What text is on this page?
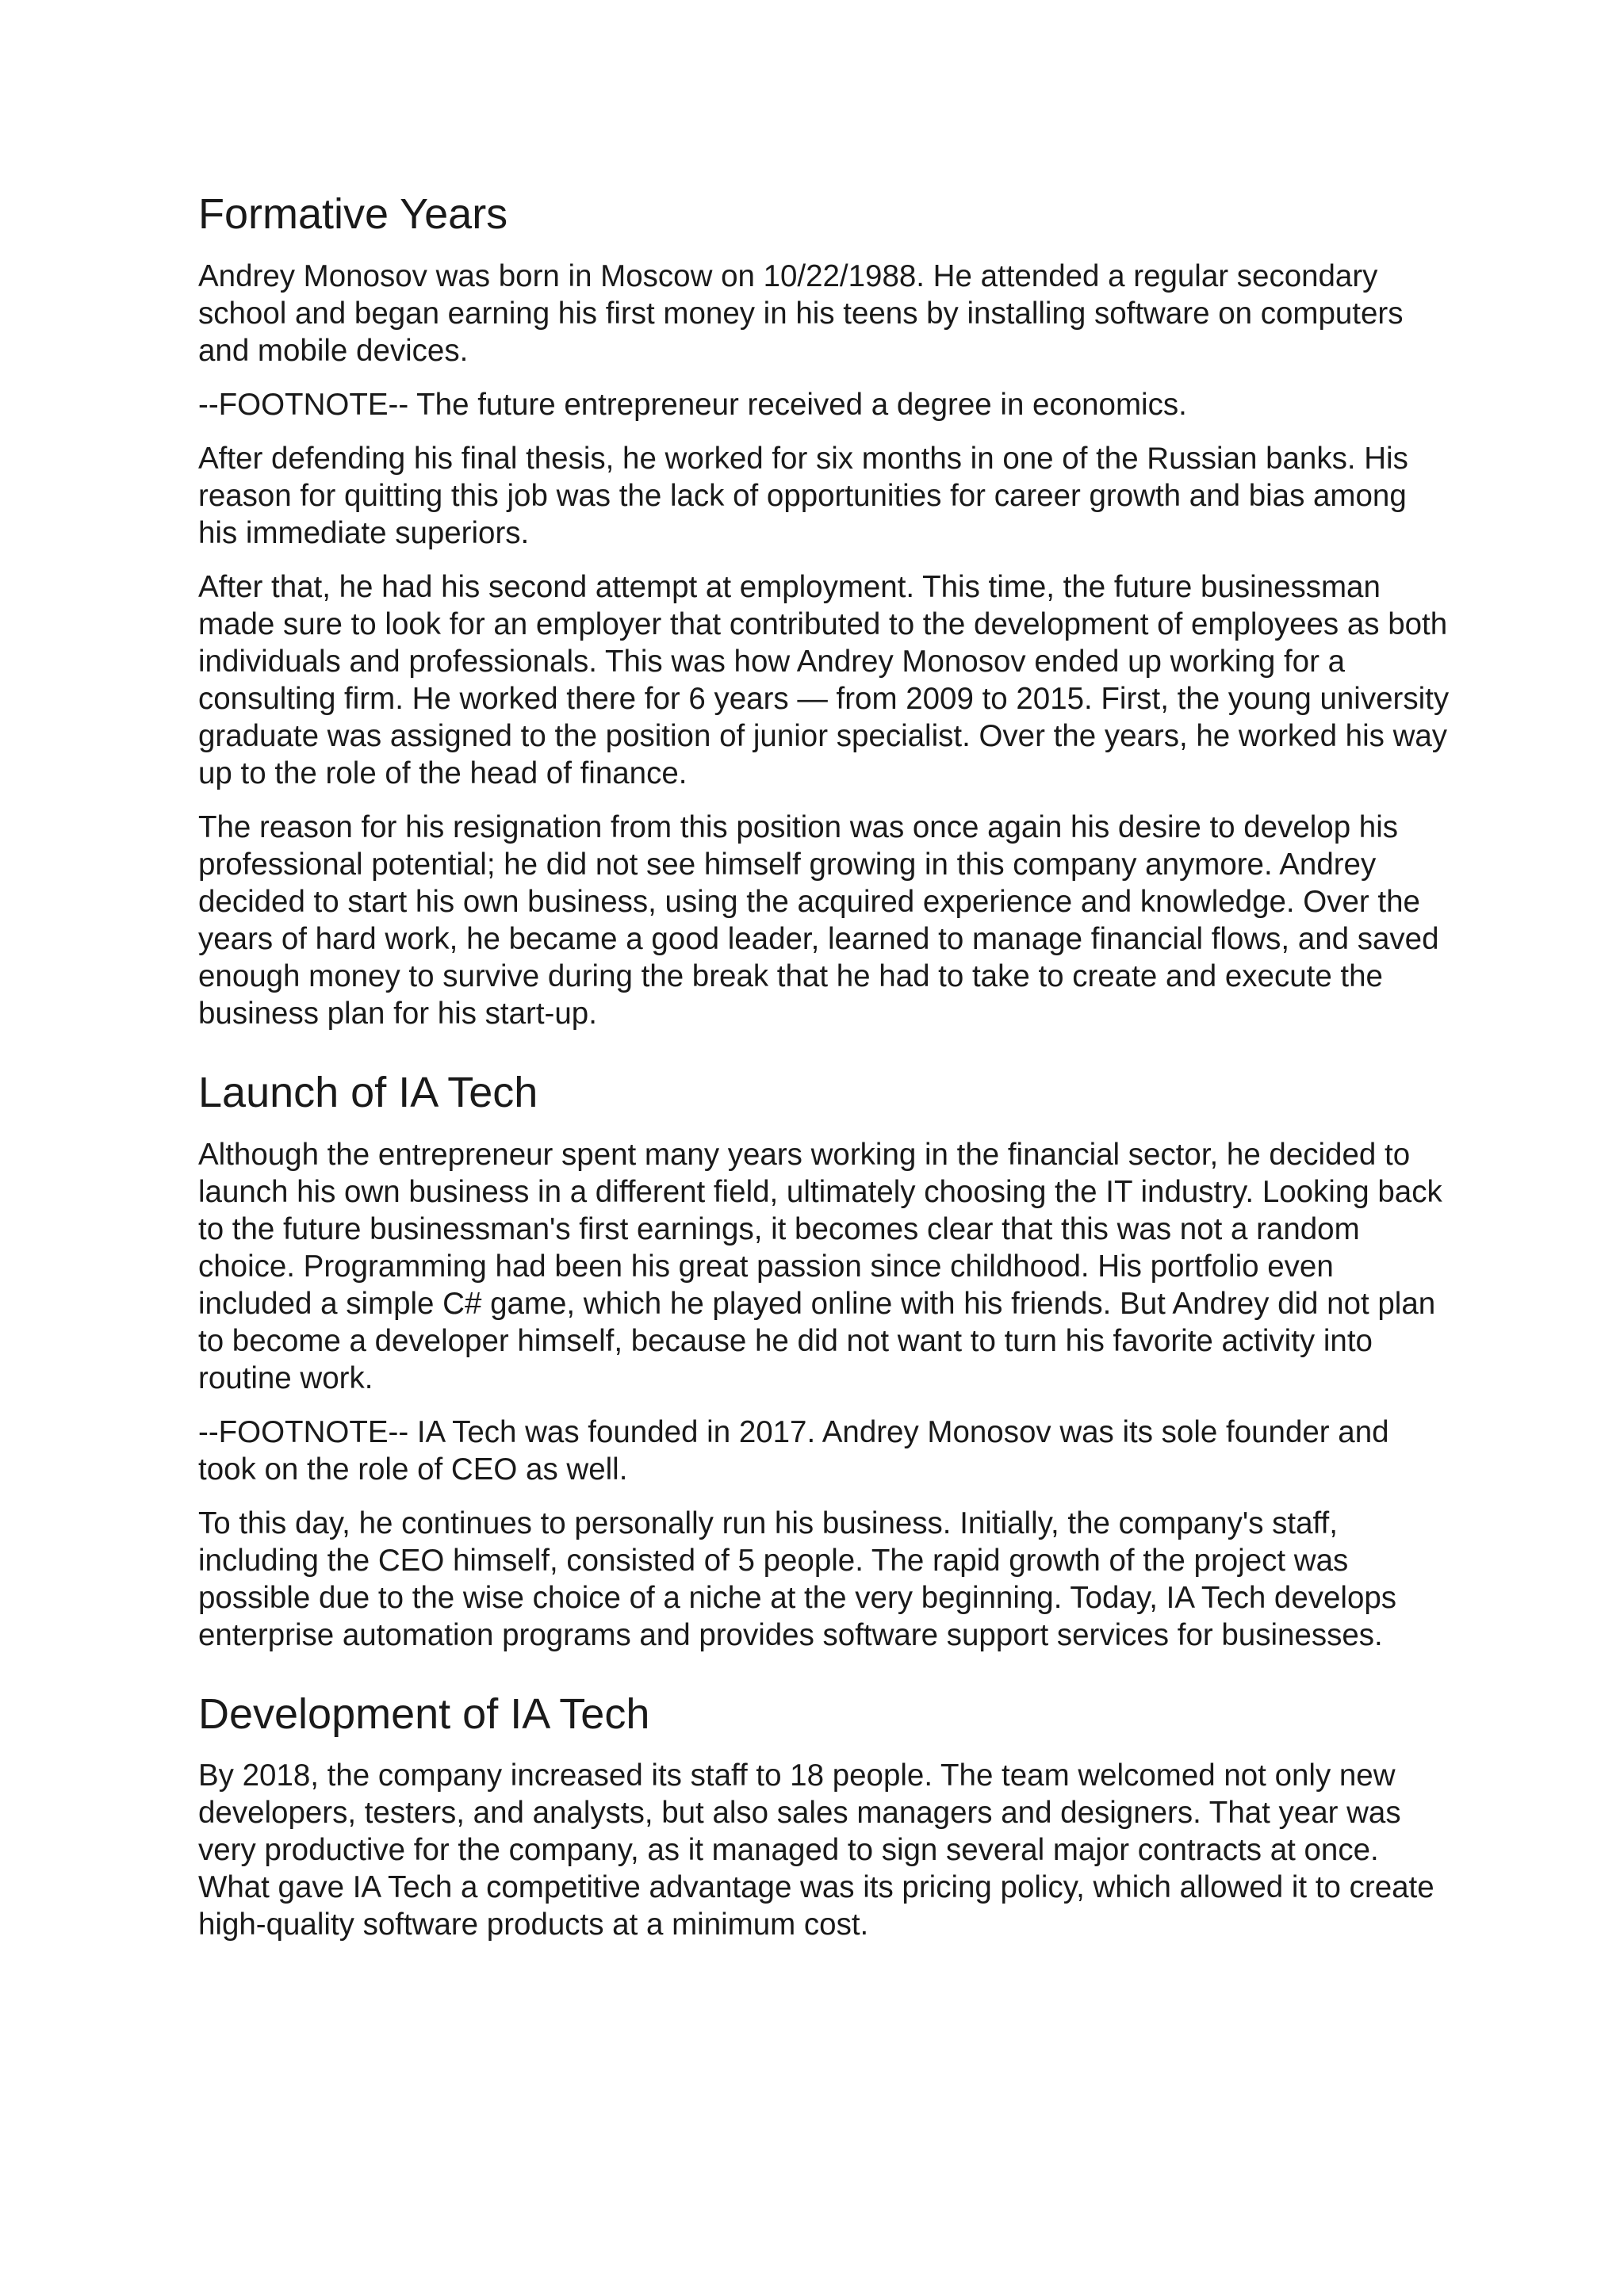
Formative Years

Andrey Monosov was born in Moscow on 10/22/1988. He attended a regular secondary school and began earning his first money in his teens by installing software on computers and mobile devices.

--FOOTNOTE-- The future entrepreneur received a degree in economics.

After defending his final thesis, he worked for six months in one of the Russian banks. His reason for quitting this job was the lack of opportunities for career growth and bias among his immediate superiors.

After that, he had his second attempt at employment. This time, the future businessman made sure to look for an employer that contributed to the development of employees as both individuals and professionals. This was how Andrey Monosov ended up working for a consulting firm. He worked there for 6 years — from 2009 to 2015. First, the young university graduate was assigned to the position of junior specialist. Over the years, he worked his way up to the role of the head of finance.

The reason for his resignation from this position was once again his desire to develop his professional potential; he did not see himself growing in this company anymore. Andrey decided to start his own business, using the acquired experience and knowledge. Over the years of hard work, he became a good leader, learned to manage financial flows, and saved enough money to survive during the break that he had to take to create and execute the business plan for his start-up.

Launch of IA Tech

Although the entrepreneur spent many years working in the financial sector, he decided to launch his own business in a different field, ultimately choosing the IT industry. Looking back to the future businessman's first earnings, it becomes clear that this was not a random choice. Programming had been his great passion since childhood. His portfolio even included a simple C# game, which he played online with his friends. But Andrey did not plan to become a developer himself, because he did not want to turn his favorite activity into routine work.

--FOOTNOTE-- IA Tech was founded in 2017. Andrey Monosov was its sole founder and took on the role of CEO as well.

To this day, he continues to personally run his business. Initially, the company's staff, including the CEO himself, consisted of 5 people. The rapid growth of the project was possible due to the wise choice of a niche at the very beginning. Today, IA Tech develops enterprise automation programs and provides software support services for businesses.

Development of IA Tech

By 2018, the company increased its staff to 18 people. The team welcomed not only new developers, testers, and analysts, but also sales managers and designers. That year was very productive for the company, as it managed to sign several major contracts at once. What gave IA Tech a competitive advantage was its pricing policy, which allowed it to create high-quality software products at a minimum cost.
